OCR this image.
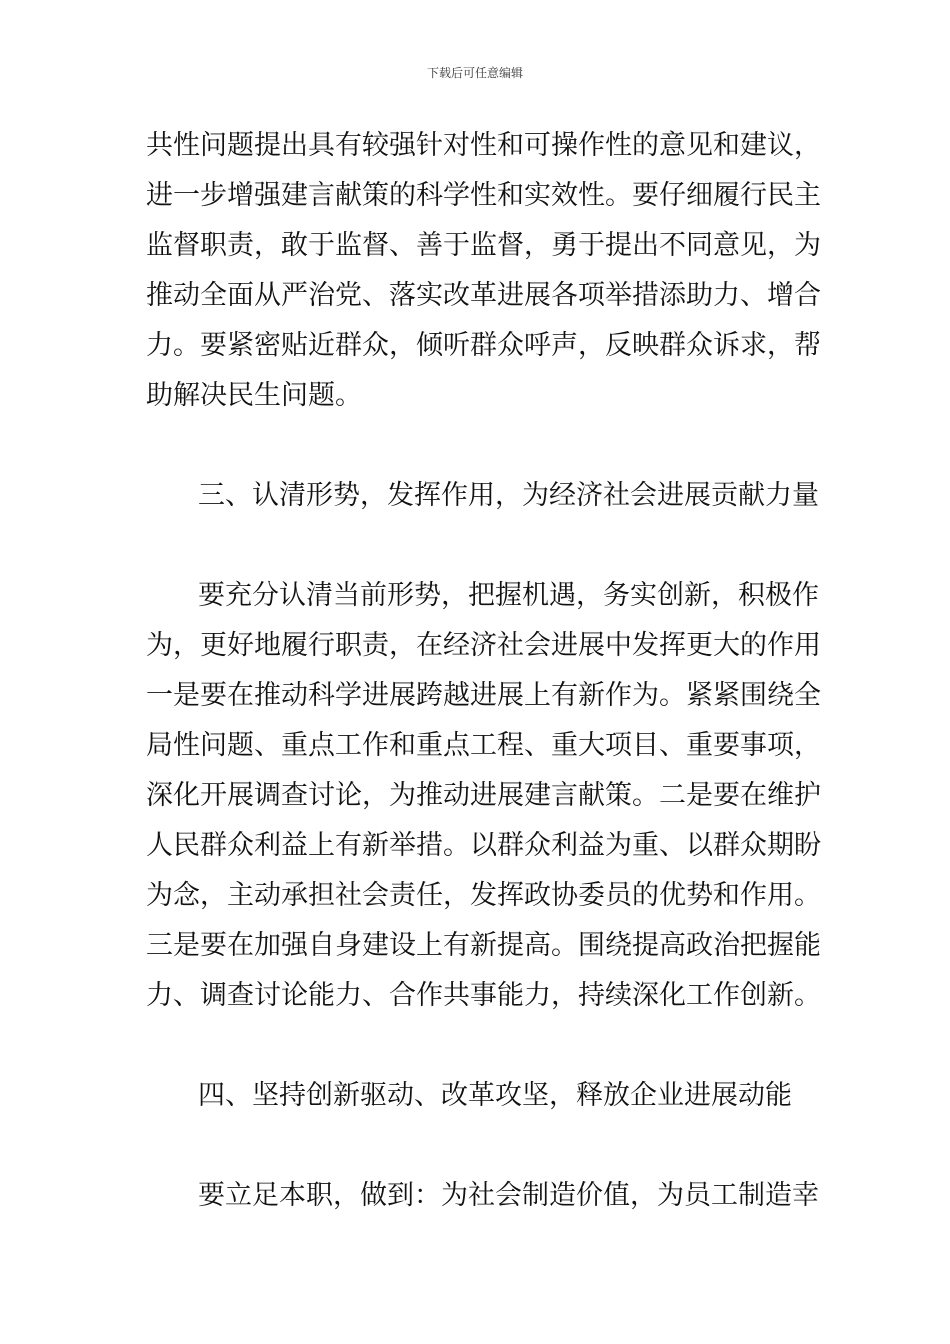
下载后可任意编辑
共性问题提出具有较强针对性和可操作性的意见和建议，
进一步增强建言献策的科学性和实效性。要仔细履行民主
监督职责，敢于监督、善于监督，勇于提出不同意见，为
推动全面从严治党、落实改革进展各项举措添助力、增合
力。要紧密贴近群众，倾听群众呼声，反映群众诉求，帮
助解决民生问题。
三、认清形势，发挥作用，为经济社会进展贡献力量
要充分认清当前形势，把握机遇，务实创新，积极作
为，更好地履行职责，在经济社会进展中发挥更大的作用
一是要在推动科学进展跨越进展上有新作为。紧紧围绕全
局性问题、重点工作和重点工程、重大项目、重要事项，
深化开展调查讨论，为推动进展建言献策。二是要在维护
人民群众利益上有新举措。以群众利益为重、以群众期盼
为念，主动承担社会责任，发挥政协委员的优势和作用。
三是要在加强自身建设上有新提高。围绕提高政治把握能
力、调查讨论能力、合作共事能力，持续深化工作创新。
四、坚持创新驱动、改革攻坚，释放企业进展动能
要立足本职，做到：为社会制造价值，为员工制造幸
